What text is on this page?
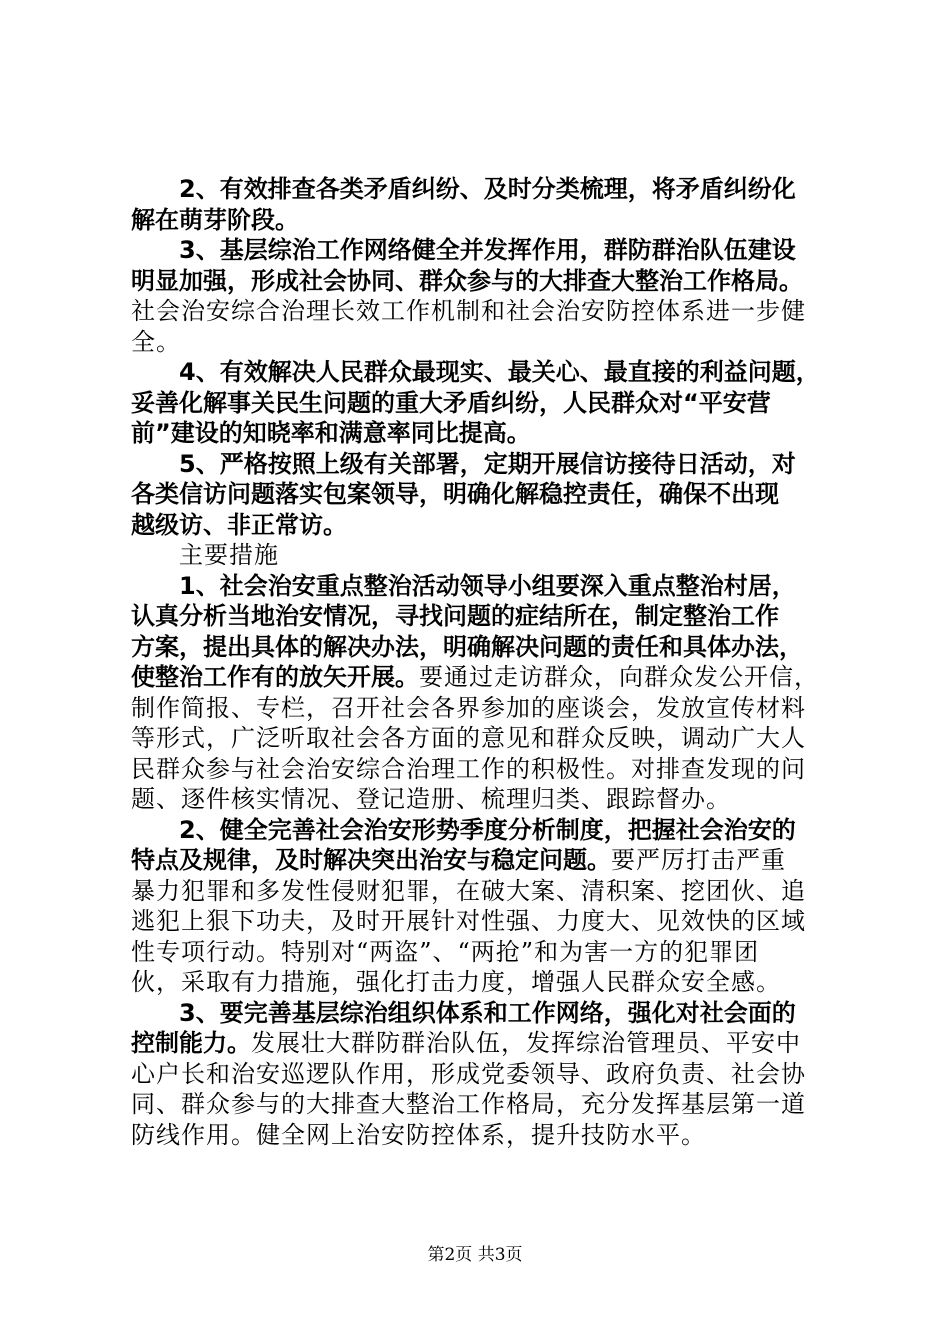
2、有效排查各类矛盾纠纷、及时分类梳理，将矛盾纠纷化
解在萌芽阶段。
3、基层综治工作网络健全并发挥作用，群防群治队伍建设
明显加强，形成社会协同、群众参与的大排查大整治工作格局。
社会治安综合治理长效工作机制和社会治安防控体系进一步健
全。
4、有效解决人民群众最现实、最关心、最直接的利益问题，
妥善化解事关民生问题的重大矛盾纠纷，人民群众对“平安营
前”建设的知晓率和满意率同比提高。
5、严格按照上级有关部署，定期开展信访接待日活动，对
各类信访问题落实包案领导，明确化解稳控责任，确保不出现
越级访、非正常访。
主要措施
1、社会治安重点整治活动领导小组要深入重点整治村居，
认真分析当地治安情况，寻找问题的症结所在，制定整治工作
方案，提出具体的解决办法，明确解决问题的责任和具体办法，
使整治工作有的放矢开展。要通过走访群众，向群众发公开信，
制作简报、专栏，召开社会各界参加的座谈会，发放宣传材料
等形式，广泛听取社会各方面的意见和群众反映，调动广大人
民群众参与社会治安综合治理工作的积极性。对排查发现的问
题、逐件核实情况、登记造册、梳理归类、跟踪督办。
2、健全完善社会治安形势季度分析制度，把握社会治安的
特点及规律，及时解决突出治安与稳定问题。要严厉打击严重
暴力犯罪和多发性侵财犯罪，在破大案、清积案、挖团伙、追
逃犯上狠下功夫，及时开展针对性强、力度大、见效快的区域
性专项行动。特别对“两盗”、“两抢”和为害一方的犯罪团
伙，采取有力措施，强化打击力度，增强人民群众安全感。
3、要完善基层综治组织体系和工作网络，强化对社会面的
控制能力。发展壮大群防群治队伍，发挥综治管理员、平安中
心户长和治安巡逻队作用，形成党委领导、政府负责、社会协
同、群众参与的大排查大整治工作格局，充分发挥基层第一道
防线作用。健全网上治安防控体系，提升技防水平。
第2页 共3页
